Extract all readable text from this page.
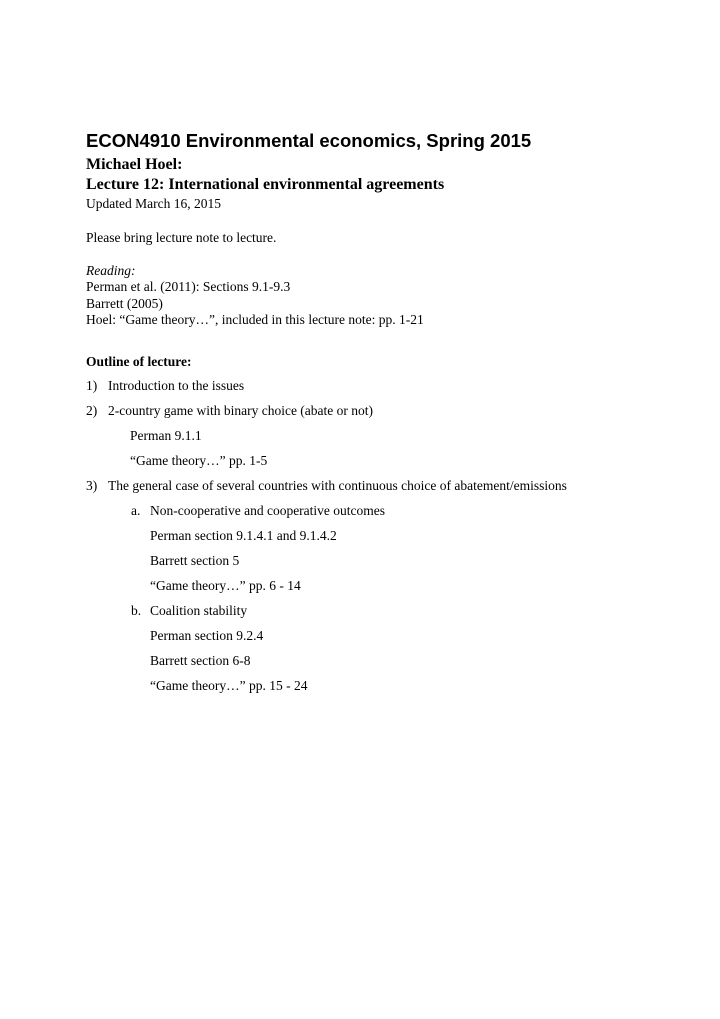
ECON4910 Environmental economics, Spring 2015
Michael Hoel:
Lecture 12: International environmental agreements
Updated March 16, 2015
Please bring lecture note to lecture.
Reading:
Perman et al. (2011): Sections 9.1-9.3
Barrett (2005)
Hoel: “Game theory…”, included in this lecture note: pp. 1-21
Outline of lecture:
1) Introduction to the issues
2) 2-country game with binary choice (abate or not)
Perman 9.1.1
“Game theory…” pp. 1-5
3) The general case of several countries with continuous choice of abatement/emissions
a. Non-cooperative and cooperative outcomes
Perman section 9.1.4.1 and 9.1.4.2
Barrett section 5
“Game theory…” pp. 6 - 14
b. Coalition stability
Perman section 9.2.4
Barrett section 6-8
“Game theory…” pp. 15 - 24
